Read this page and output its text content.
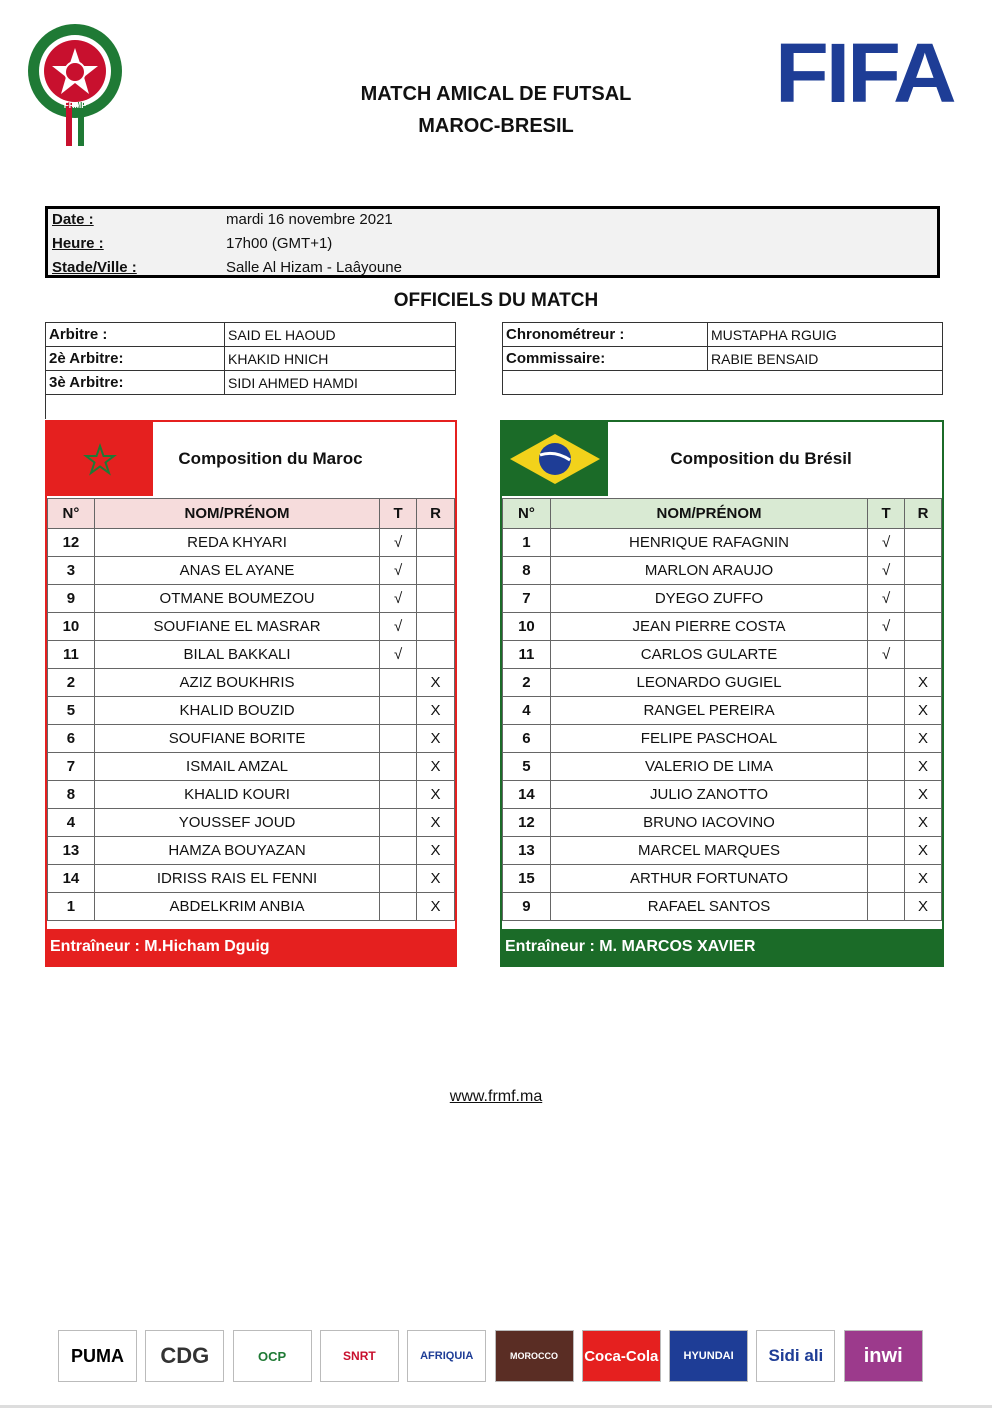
FRMF	FIFA
MATCH AMICAL DE FUTSAL
MAROC-BRESIL
Date :	mardi 16 novembre 2021
Heure :	17h00 (GMT+1)
Stade/Ville :	Salle Al Hizam - Laâyoune
OFFICIELS DU MATCH
Arbitre :	SAID EL HAOUD
2è Arbitre:	KHAKID HNICH
3è Arbitre:	SIDI AHMED HAMDI
Chronométreur :	MUSTAPHA RGUIG
Commissaire:	RABIE BENSAID

Composition du Maroc
N°	NOM/PRÉNOM	T	R
12	REDA KHYARI	√	
3	ANAS EL AYANE	√	
9	OTMANE BOUMEZOU	√	
10	SOUFIANE EL MASRAR	√	
11	BILAL BAKKALI	√	
2	AZIZ BOUKHRIS		X
5	KHALID BOUZID		X
6	SOUFIANE BORITE		X
7	ISMAIL AMZAL		X
8	KHALID KOURI		X
4	YOUSSEF JOUD		X
13	HAMZA BOUYAZAN		X
14	IDRISS RAIS EL FENNI		X
1	ABDELKRIM ANBIA		X
Entraîneur : M.Hicham Dguig
Composition du Brésil
N°	NOM/PRÉNOM	T	R
1	HENRIQUE RAFAGNIN	√	
8	MARLON ARAUJO	√	
7	DYEGO ZUFFO	√	
10	JEAN PIERRE COSTA	√	
11	CARLOS GULARTE	√	
2	LEONARDO GUGIEL		X
4	RANGEL PEREIRA		X
6	FELIPE PASCHOAL		X
5	VALERIO DE LIMA		X
14	JULIO ZANOTTO		X
12	BRUNO IACOVINO		X
13	MARCEL MARQUES		X
15	ARTHUR FORTUNATO		X
9	RAFAEL SANTOS		X
Entraîneur : M. MARCOS XAVIER
www.frmf.ma
PUMA	CDG	OCP	SNRT	AFRIQUIA	MOROCCO	Coca-Cola	HYUNDAI	Sidi ali	inwi
